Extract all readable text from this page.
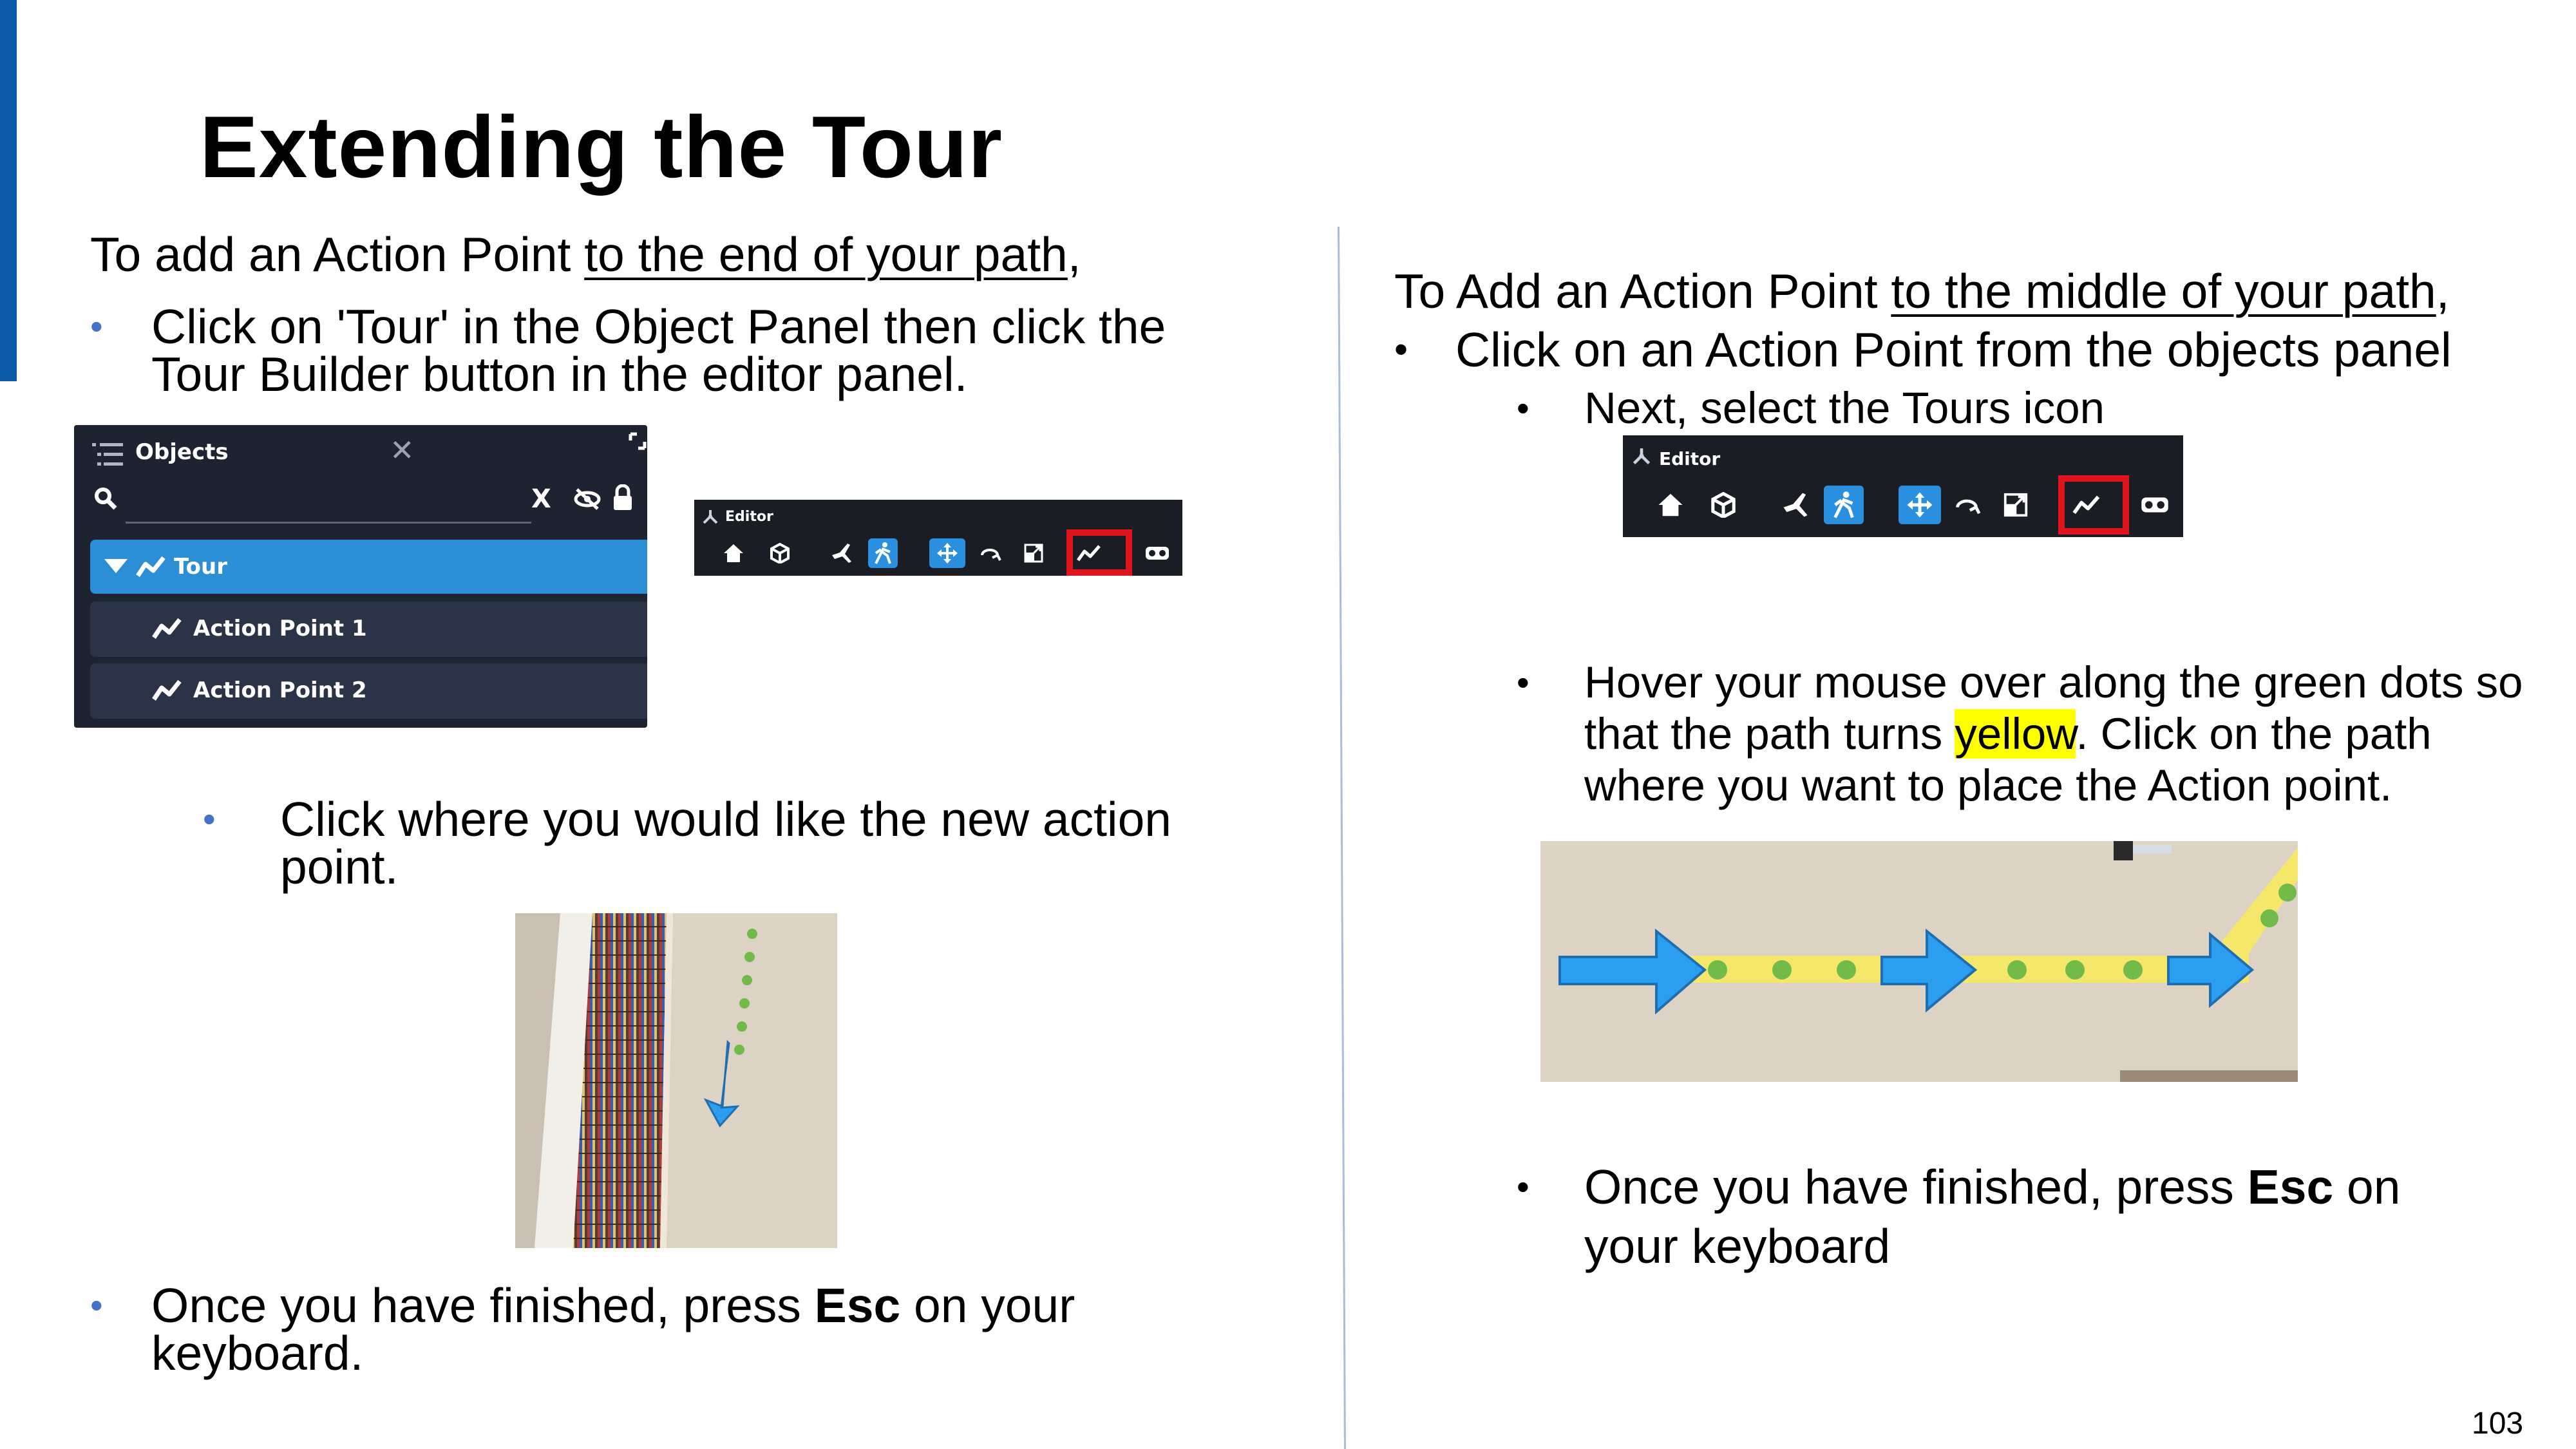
Extending the Tour
To add an Action Point to the end of your path,
• Click on 'Tour' in the Object Panel then click the
Tour Builder button in the editor panel.
Objects	✕
X
Tour
Action Point 1
Action Point 2
Editor
• Click where you would like the new action
point.
• Once you have finished, press Esc on your
keyboard.
To Add an Action Point to the middle of your path,
• Click on an Action Point from the objects panel
• Next, select the Tours icon
Editor
• Hover your mouse over along the green dots so
that the path turns yellow. Click on the path
where you want to place the Action point.
• Once you have finished, press Esc on
your keyboard
103
